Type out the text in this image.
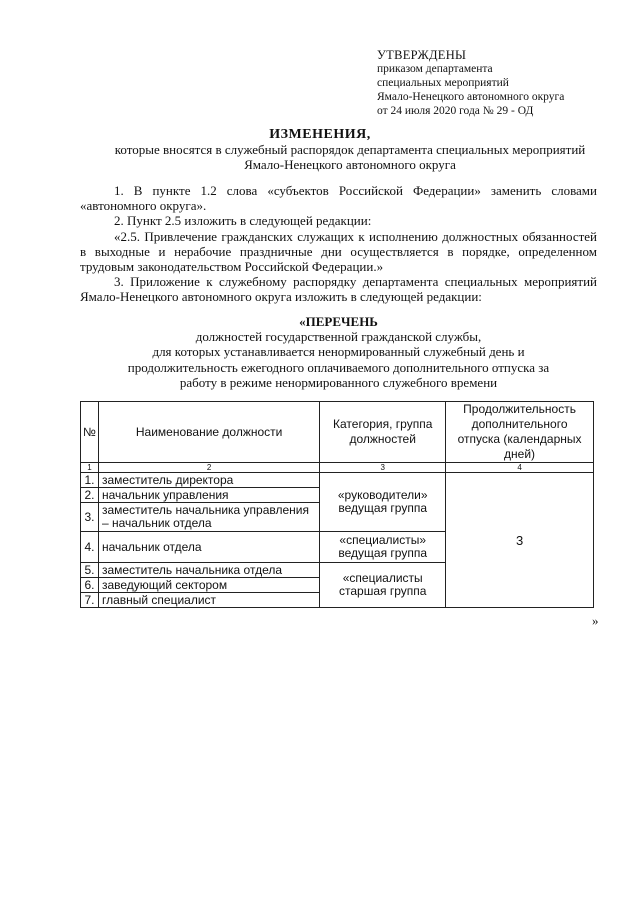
УТВЕРЖДЕНЫ
приказом департамента
специальных мероприятий
Ямало-Ненецкого автономного округа
от 24 июля 2020 года № 29 - ОД
ИЗМЕНЕНИЯ,
которые вносятся в служебный распорядок департамента специальных мероприятий Ямало-Ненецкого автономного округа

1. В пункте 1.2 слова «субъектов Российской Федерации» заменить словами «автономного округа».

2. Пункт 2.5 изложить в следующей редакции:

«2.5. Привлечение гражданских служащих к исполнению должностных обязанностей в выходные и нерабочие праздничные дни осуществляется в порядке, определенном трудовым законодательством Российской Федерации.»

3. Приложение к служебному распорядку департамента специальных мероприятий Ямало-Ненецкого автономного округа изложить в следующей редакции:

«ПЕРЕЧЕНЬ
должностей государственной гражданской службы,
для которых устанавливается ненормированный служебный день и
продолжительность ежегодного оплачиваемого дополнительного отпуска за
работу в режиме ненормированного служебного времени
№	Наименование должности	Категория, группа должностей	Продолжительность дополнительного отпуска (календарных дней)
1	2	3	4
1.	заместитель директора	«руководители» ведущая группа	3
2.	начальник управления		
3.	заместитель начальника управления – начальник отдела		
4.	начальник отдела	«специалисты» ведущая группа	
5.	заместитель начальника отдела	«специалисты старшая группа	
6.	заведующий сектором		
7.	главный специалист		
»
